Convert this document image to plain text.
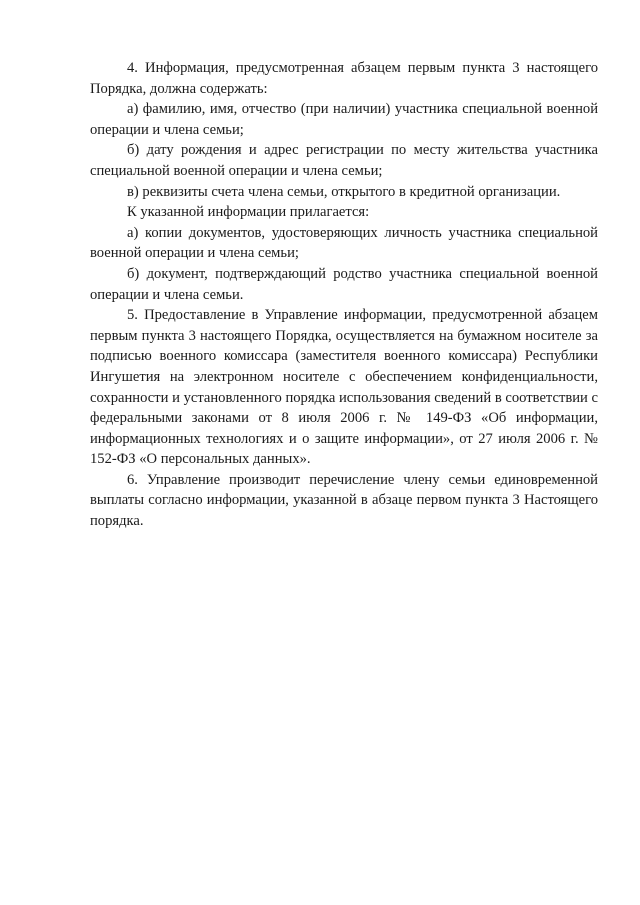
4. Информация, предусмотренная абзацем первым пункта 3 настоящего Порядка, должна содержать:

а) фамилию, имя, отчество (при наличии) участника специальной военной операции и члена семьи;

б) дату рождения и адрес регистрации по месту жительства участника специальной военной операции и члена семьи;

в) реквизиты счета члена семьи, открытого в кредитной организации.

К указанной информации прилагается:

а) копии документов, удостоверяющих личность участника специальной военной операции и члена семьи;

б) документ, подтверждающий родство участника специальной военной операции и члена семьи.

5. Предоставление в Управление информации, предусмотренной абзацем первым пункта 3 настоящего Порядка, осуществляется на бумажном носителе за подписью военного комиссара (заместителя военного комиссара) Республики Ингушетия на электронном носителе с обеспечением конфиденциальности, сохранности и установленного порядка использования сведений в соответствии с федеральными законами от 8 июля 2006 г. № 149-ФЗ «Об информации, информационных технологиях и о защите информации», от 27 июля 2006 г. № 152-ФЗ «О персональных данных».

6. Управление производит перечисление члену семьи единовременной выплаты согласно информации, указанной в абзаце первом пункта 3 Настоящего порядка.
